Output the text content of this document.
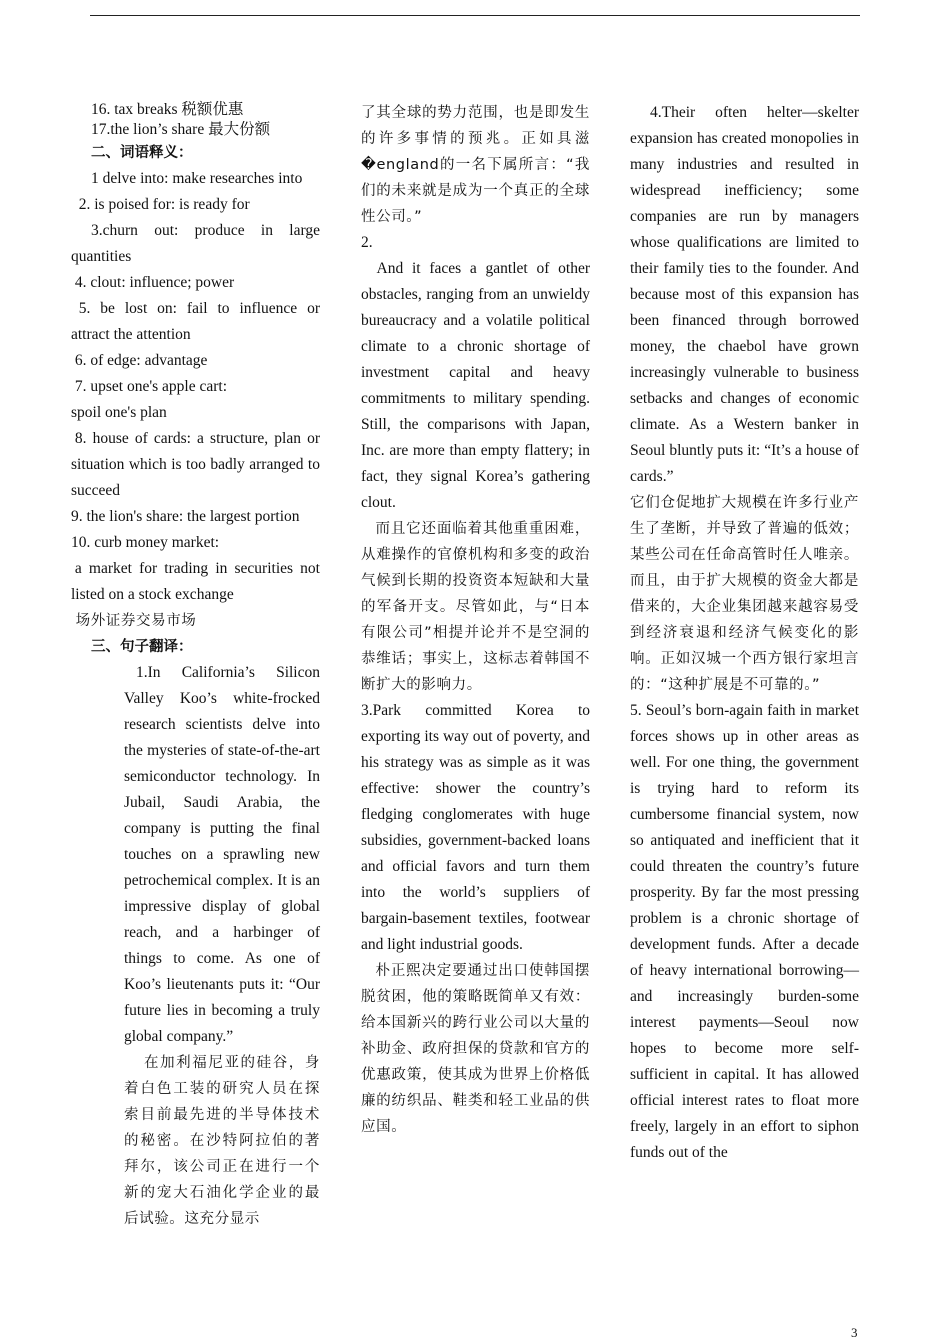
16. tax breaks 税额优惠

17.the lion’s share 最大份额

二、词语释义：

1 delve into: make researches into

2. is poised for: is ready for

3.churn out: produce in large quantities

4. clout: influence; power

5. be lost on: fail to influence or attract the attention

6. of edge: advantage

7. upset one's apple cart:

spoil one's plan

8. house of cards: a structure, plan or situation which is too badly arranged to succeed

9. the lion's share: the largest portion

10. curb money market:

a market for trading in securities not listed on a stock exchange

场外证券交易市场

三、句子翻译：

1.In California’s Silicon Valley Koo’s white-frocked research scientists delve into the mysteries of state-of-the-art semiconductor technology. In Jubail, Saudi Arabia, the company is putting the final touches on a sprawling new petrochemical complex. It is an impressive display of global reach, and a harbinger of things to come. As one of Koo’s lieutenants puts it: “Our future lies in becoming a truly global company.”

在加利福尼亚的硅谷，身着白色工装的研究人员在探索目前最先进的半导体技术的秘密。在沙特阿拉伯的著拜尔，该公司正在进行一个新的宠大石油化学企业的最后试验。这充分显示

了其全球的势力范围，也是即发生的许多事情的预兆。正如具滋�england的一名下属所言：“我们的未来就是成为一个真正的全球性公司。”

2.

And it faces a gantlet of other obstacles, ranging from an unwieldy bureaucracy and a volatile political climate to a chronic shortage of investment capital and heavy commitments to military spending. Still, the comparisons with Japan, Inc. are more than empty flattery; in fact, they signal Korea’s gathering clout.

而且它还面临着其他重重困难，从难操作的官僚机构和多变的政治气候到长期的投资资本短缺和大量的军备开支。尽管如此，与“日本有限公司”相提并论并不是空洞的恭维话；事实上，这标志着韩国不断扩大的影响力。

3.Park committed Korea to exporting its way out of poverty, and his strategy was as simple as it was effective: shower the country’s fledging conglomerates with huge subsidies, government-backed loans and official favors and turn them into the world’s suppliers of bargain-basement textiles, footwear and light industrial goods.

朴正熙决定要通过出口使韩国摆脱贫困，他的策略既简单又有效：给本国新兴的跨行业公司以大量的补助金、政府担保的贷款和官方的优惠政策，使其成为世界上价格低廉的纺织品、鞋类和轻工业品的供应国。

4.Their often helter—skelter expansion has created monopolies in many industries and resulted in widespread inefficiency; some companies are run by managers whose qualifications are limited to their family ties to the founder. And because most of this expansion has been financed through borrowed money, the chaebol have grown increasingly vulnerable to business setbacks and changes of economic climate. As a Western banker in Seoul bluntly puts it: “It’s a house of cards.”

它们仓促地扩大规模在许多行业产生了垄断，并导致了普遍的低效；某些公司在任命高管时任人唯亲。而且，由于扩大规模的资金大都是借来的，大企业集团越来越容易受到经济衰退和经济气候变化的影响。正如汉城一个西方银行家坦言的：“这种扩展是不可靠的。”

5. Seoul’s born-again faith in market forces shows up in other areas as well. For one thing, the government is trying hard to reform its cumbersome financial system, now so antiquated and inefficient that it could threaten the country’s future prosperity. By far the most pressing problem is a chronic shortage of development funds. After a decade of heavy international borrowing—and increasingly burden-some interest payments—Seoul now hopes to become more self-sufficient in capital. It has allowed official interest rates to float more freely, largely in an effort to siphon funds out of the

3
